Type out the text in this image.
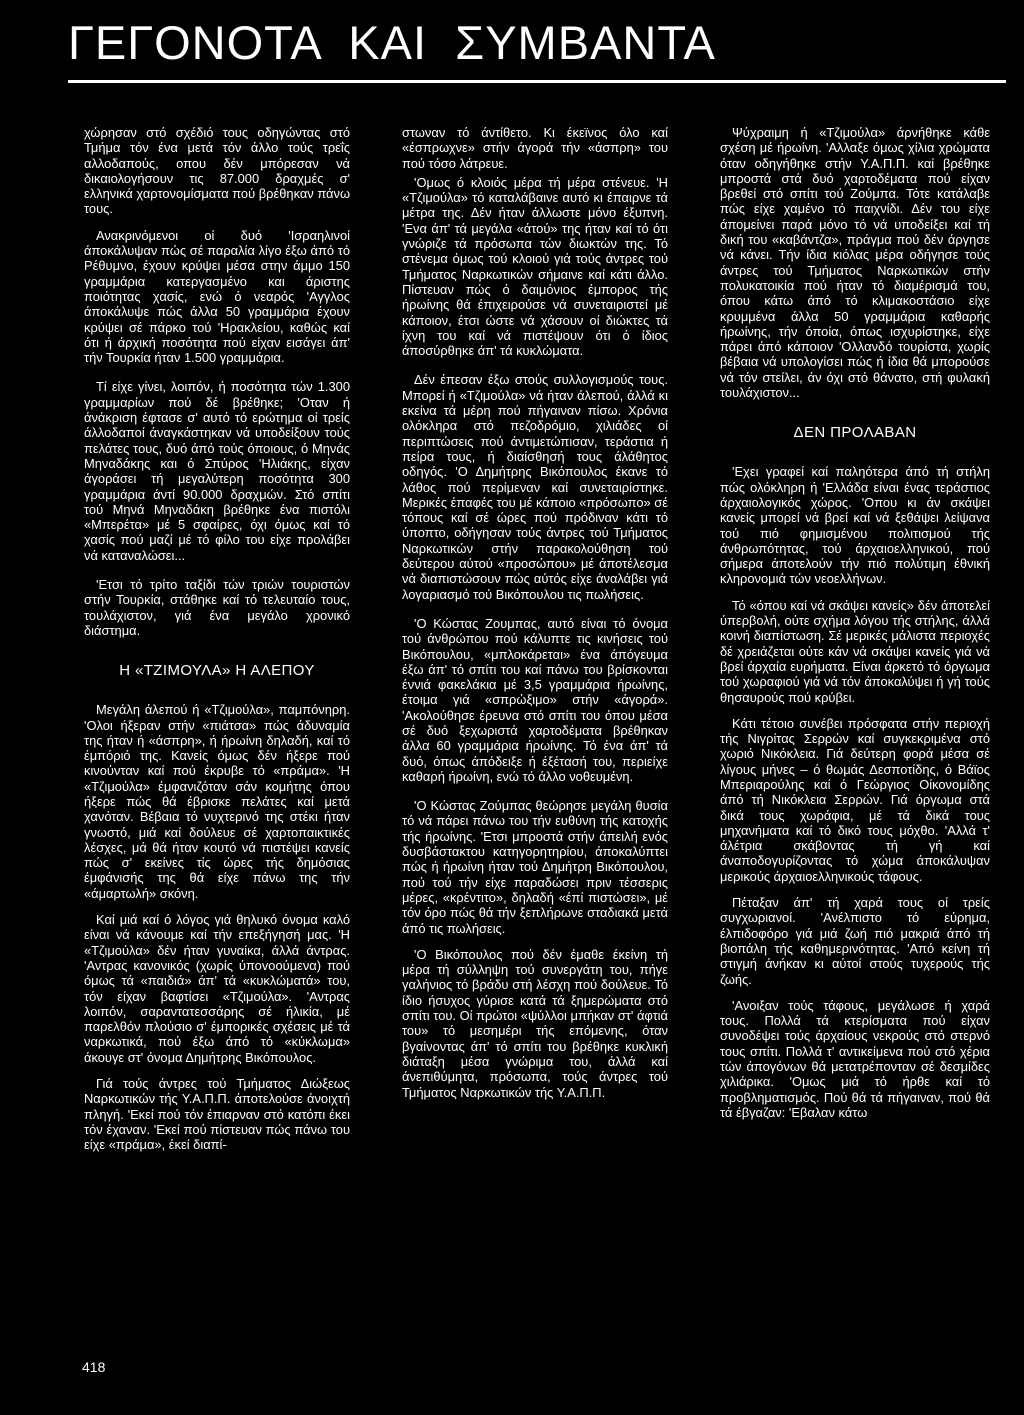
ΓΕΓΟΝΟΤΑ  ΚΑΙ  ΣΥΜΒΑΝΤΑ

χώρησαν στό σχέδιό τους οδηγώντας στό Τμήμα τόν ένα μετά τόν άλλο τούς τρεΐς αλλοδαπούς, οπου δέν μπόρεσαν νά δικαιολογήσουν τις 87.000 δραχμές σ' ελληνικά χαρτονομίσματα πού βρέθηκαν πάνω τους.

Ανακρινόμενοι οί δυό 'Ισραηλινοί άποκάλυψαν πώς σέ παραλία λίγο έξω άπό τό Ρέθυμνο, έχουν κρύψει μέσα στην άμμο 150 γραμμάρια κατεργασμένο και άριστης ποιότητας χασίς, ενώ ό νεαρός 'Αγγλος άποκάλυψε πώς άλλα 50 γραμμάρια έχουν κρύψει σέ πάρκο τού 'Ηρακλείου, καθώς καί ότι ή άρχική ποσότητα πού είχαν εισάγει άπ' τήν Τουρκία ήταν 1.500 γραμμάρια.

Τί είχε γίνει, λοιπόν, ή ποσότητα τών 1.300 γραμμαρίων πού δέ βρέθηκε; 'Οταν ή άνάκριση έφτασε σ' αυτό τό ερώτημα οί τρείς άλλοδαποί άναγκάστηκαν νά υποδείξουν τούς πελάτες τους, δυό άπό τούς όποιους, ό Μηνάς Μηναδάκης και ό Σπύρος 'Ηλιάκης, είχαν άγοράσει τή μεγαλύτερη ποσότητα 300 γραμμάρια άντί 90.000 δραχμών. Στό σπίτι τού Μηνά Μηναδάκη βρέθηκε ένα πιστόλι «Μπερέτα» μέ 5 σφαίρες, όχι όμως καί τό χασίς πού μαζί μέ τό φίλο του είχε προλάβει νά καταναλώσει...

'Ετσι τό τρίτο ταξίδι τών τριών τουριστών στήν Τουρκία, στάθηκε καί τό τελευταίο τους, τουλάχιστον, γιά ένα μεγάλο χρονικό διάστημα.

Η «ΤΖΙΜΟΥΛΑ» Η ΑΛΕΠΟΥ

Μεγάλη άλεπού ή «Τζιμούλα», παμπόνηρη. 'Ολοι ήξεραν στήν «πιάτσα» πώς άδυναμία της ήταν ή «άσπρη», ή ήρωίνη δηλαδή, καί τό έμπόριό της. Κανείς όμως δέν ήξερε πού κινούνταν καί πού έκρυβε τό «πράμα». 'Η «Τζιμούλα» έμφανιζόταν σάν κομήτης όπου ήξερε πώς θά έβρισκε πελάτες καί μετά χανόταν. Βέβαια τό νυχτερινό της στέκι ήταν γνωστό, μιά καί δούλευε σέ χαρτοπαικτικές λέσχες, μά θά ήταν κουτό νά πιστέψει κανείς πώς σ' εκείνες τίς ώρες τής δημόσιας έμφάνισής της θά είχε πάνω της τήν «άμαρτωλή» σκόνη.

Καί μιά καί ό λόγος γιά θηλυκό όνομα καλό είναι νά κάνουμε καί τήν επεξήγησή μας. 'Η «Τζιμούλα» δέν ήταν γυναίκα, άλλά άντρας. 'Αντρας κανονικός (χωρίς ύποvοούμενα) πού όμως τά «παιδιά» άπ' τά «κυκλώματά» του, τόν είχαν βαφτίσει «Τζιμούλα». 'Αντρας λοιπόν, σαραντατεσσάρης σέ ήλικία, μέ παρελθόν πλούσιο σ' έμπορικές σχέσεις μέ τά ναρκωτικά, πού έξω άπό τό «κύκλωμα» άκουγε στ' όνομα Δημήτρης Βικόπουλος.

Γιά τούς άντρες τού Τμήματος Διώξεως Ναρκωτικών τής Υ.Α.Π.Π. άποτελούσε άνοιχτή πληγή. 'Εκεί πού τόν έπιαρναν στό κατόπι έκει τόν έχαναν. 'Εκεί πού πίστευαν πώς πάνω του είχε «πράμα», έκεί διαπί-

στωναν τό άντίθετο. Κι έκεϊνος όλο καί «έσπρωχνε» στήν άγορά τήν «άσπρη» του πού τόσο λάτρευε.

'Ομως ό κλοιός μέρα τή μέρα στένευε. 'Η «Τζιμούλα» τό καταλάβαινε αυτό κι έπαιρνε τά μέτρα της. Δέν ήταν άλλωστε μόνο έξυπνη. 'Ενα άπ' τά μεγάλα «άτού» της ήταν καί τό ότι γνώριζε τά πρόσωπα τών διωκτών της. Τό στένεμα όμως τού κλοιού γιά τούς άντρες τού Τμήματος Ναρκωτικών σήμαινε καί κάτι άλλο. Πίστευαν πώς ό δαιμόνιος έμπορος τής ήρωίνης θά έπιχειρούσε νά συνεταιριστεί μέ κάποιον, έτσι ώστε νά χάσουν οί διώκτες τά ίχνη του καί νά πιστέψουν ότι ό ίδιος άποσύρθηκε άπ' τά κυκλώματα.

Δέν έπεσαν έξω στούς συλλογισμούς τους. Μπορεί ή «Τζιμούλα» νά ήταν άλεπού, άλλά κι εκείνα τά μέρη πού πήγαιναν πίσω. Χρόνια ολόκληρα στό πεζοδρόμιο, χιλιάδες οί περιπτώσεις πού άντιμετώπισαν, τεράστια ή πείρα τους, ή διαίσθησή τους άλάθητος οδηγός. 'Ο Δημήτρης Βικόπουλος έκανε τό λάθος πού περίμεναν καί συνεταιρίστηκε. Μερικές έπαφές του μέ κάποιο «πρόσωπο» σέ τόπους καί σέ ώρες πού πρόδιναν κάτι τό ύποπτο, οδήγησαν τούς άντρες τού Τμήματος Ναρκωτικών στήν παρακολούθηση τού δεύτερου αύτού «προσώπου» μέ άποτέλεσμα νά διαπιστώσουν πώς αύτός είχε άναλάβει γιά λογαριασμό τού Βικόπουλου τις πωλήσεις.

'Ο Κώστας Ζουμπας, αυτό είναι τό όνομα τού άνθρώπου πού κάλυπτε τις κινήσεις τού Βικόπουλου, «μπλοκάρεται» ένα άπόγευμα έξω άπ' τό σπίτι του καί πάνω του βρίσκονται έννιά φακελάκια μέ 3,5 γραμμάρια ήρωίνης, έτοιμα γιά «σπρώξιμο» στήν «άγορά». 'Ακολούθησε έρευνα στό σπίτι του όπου μέσα σέ δυό ξεχωριστά χαρτοδέματα βρέθηκαν άλλα 60 γραμμάρια ήρωίνης. Τό ένα άπ' τά δυό, όπως άπόδειξε ή έξέτασή του, περιείχε καθαρή ήρωίνη, ενώ τό άλλο νοθευμένη.

'Ο Κώστας Ζούμπας θεώρησε μεγάλη θυσία τό νά πάρει πάνω του τήν ευθύνη τής κατοχής τής ήρωίνης. 'Ετσι μπροστά στήν άπειλή ενός δυσβάστακτου κατηγορητηρίου, άποκαλύπτει πώς ή ήρωίνη ήταν τού Δημήτρη Βικόπουλου, πού τού τήν είχε παραδώσει πριν τέσσερις μέρες, «κρέντιτο», δηλαδή «έπί πιστώσει», μέ τόν όρο πώς θά τήν ξεπλήρωνε σταδιακά μετά άπό τις πωλήσεις.

'Ο Βικόπουλος πού δέν έμαθε έκείνη τή μέρα τή σύλληψη τού συνεργάτη του, πήγε γαλήνιος τό βράδυ στή λέσχη πού δούλευε. Τό ίδιο ήσυχος γύρισε κατά τά ξημερώματα στό σπίτι του. Οί πρώτοι «ψύλλοι μπήκαν στ' άφτιά του» τό μεσημέρι τής επόμενης, όταν βγαίνοντας άπ' τό σπίτι του βρέθηκε κυκλική διάταξη μέσα γνώριμα του, άλλά καί άνεπιθύμητα, πρόσωπα, τούς άντρες τού Τμήματος Ναρκωτικών τής Υ.Α.Π.Π.

Ψύχραιμη ή «Τζιμούλα» άρνήθηκε κάθε σχέση μέ ήρωίνη. 'Αλλαξε όμως χίλια χρώματα όταν οδηγήθηκε στήν Υ.Α.Π.Π. καί βρέθηκε μπροστά στά δυό χαρτοδέματα πού είχαν βρεθεί στό σπίτι τού Ζούμπα. Τότε κατάλαβε πώς είχε χαμένο τό παιχνίδι. Δέν του είχε άπομείνει παρά μόνο τό νά υποδείξει καί τή δική του «καβάντζα», πράγμα πού δέν άργησε νά κάνει. Τήν ίδια κιόλας μέρα οδήγησε τούς άντρες τού Τμήματος Ναρκωτικών στήν πολυκατοικία πού ήταν τό διαμέρισμά του, όπου κάτω άπό τό κλιμακοστάσιο είχε κρυμμένα άλλα 50 γραμμάρια καθαρής ήρωίνης, τήν όποία, όπως ισχυρίστηκε, είχε πάρει άπό κάποιον 'Ολλανδό τουρίστα, χωρίς βέβαια νά υπολογίσει πώς ή ίδια θά μπορούσε νά τόν στείλει, άν όχι στό θάνατο, στή φυλακή τουλάχιστον...

ΔΕΝ ΠΡΟΛΑΒΑΝ

'Εχει γραφεί καί παληότερα άπό τή στήλη πώς ολόκληρη ή 'Ελλάδα είναι ένας τεράστιος άρχαιολογικός χώρος. 'Οπου κι άν σκάψει κανείς μπορεί νά βρεί καί νά ξεθάψει λείψανα τού πιό φημισμένου πολιτισμού τής άνθρωπότητας, τού άρχαιοελληνικού, πού σήμερα άποτελούν τήν πιό πολύτιμη έθνική κληρονομιά τών νεοελλήνων.

Τό «όπου καί νά σκάψει κανείς» δέν άποτελεί ύπερβολή, ούτε σχήμα λόγου τής στήλης, άλλά κοινή διαπίστωση. Σέ μερικές μάλιστα περιοχές δέ χρειάζεται ούτε κάν νά σκάψει κανείς γιά νά βρεί άρχαία ευρήματα. Είναι άρκετό τό όργωμα τού χωραφιού γιά νά τόν άποκαλύψει ή γή τούς θησαυρούς πού κρύβει.

Κάτι τέτοιο συνέβει πρόσφατα στήν περιοχή τής Νιγρίτας Σερρών καί συγκεκριμένα στό χωριό Νικόκλεια. Γιά δεύτερη φορά μέσα σέ λίγους μήνες – ό θωμάς Δεσποτίδης, ό Βάϊος Μπεριαρούλης καί ό Γεώργιος Οίκονομίδης άπό τή Νικόκλεια Σερρών. Γιά όργωμα στά δικά τους χωράφια, μέ τά δικά τους μηχανήματα καί τό δικό τους μόχθο. 'Αλλά τ' άλέτρια σκάβοντας τή γή καί άναποδογυρίζοντας τό χώμα άποκάλυψαν μερικούς άρχαιοελληνικούς τάφους.

Πέταξαν άπ' τή χαρά τους οί τρείς συγχωριανοί. 'Ανέλπιστο τό εύρημα, έλπιδοφόρο γιά μιά ζωή πιό μακριά άπό τή βιοπάλη τής καθημερινότητας. 'Από κείνη τή στιγμή άνήκαν κι αύτοί στούς τυχερούς τής ζωής.

'Ανοιξαν τούς τάφους, μεγάλωσε ή χαρά τους. Πολλά τά κτερίσματα πού είχαν συνοδέψει τούς άρχαίους νεκρούς στό στερνό τους σπίτι. Πολλά τ' αντικείμενα πού στό χέρια τών άπογόνων θά μετατρέπονταν σέ δεσμίδες χιλιάρικα. 'Ομως μιά τό ήρθε καί τό προβληματισμός. Πού θά τά πήγαιναν, πού θά τά έβγαζαν: 'Εβαλαν κάτω

418
